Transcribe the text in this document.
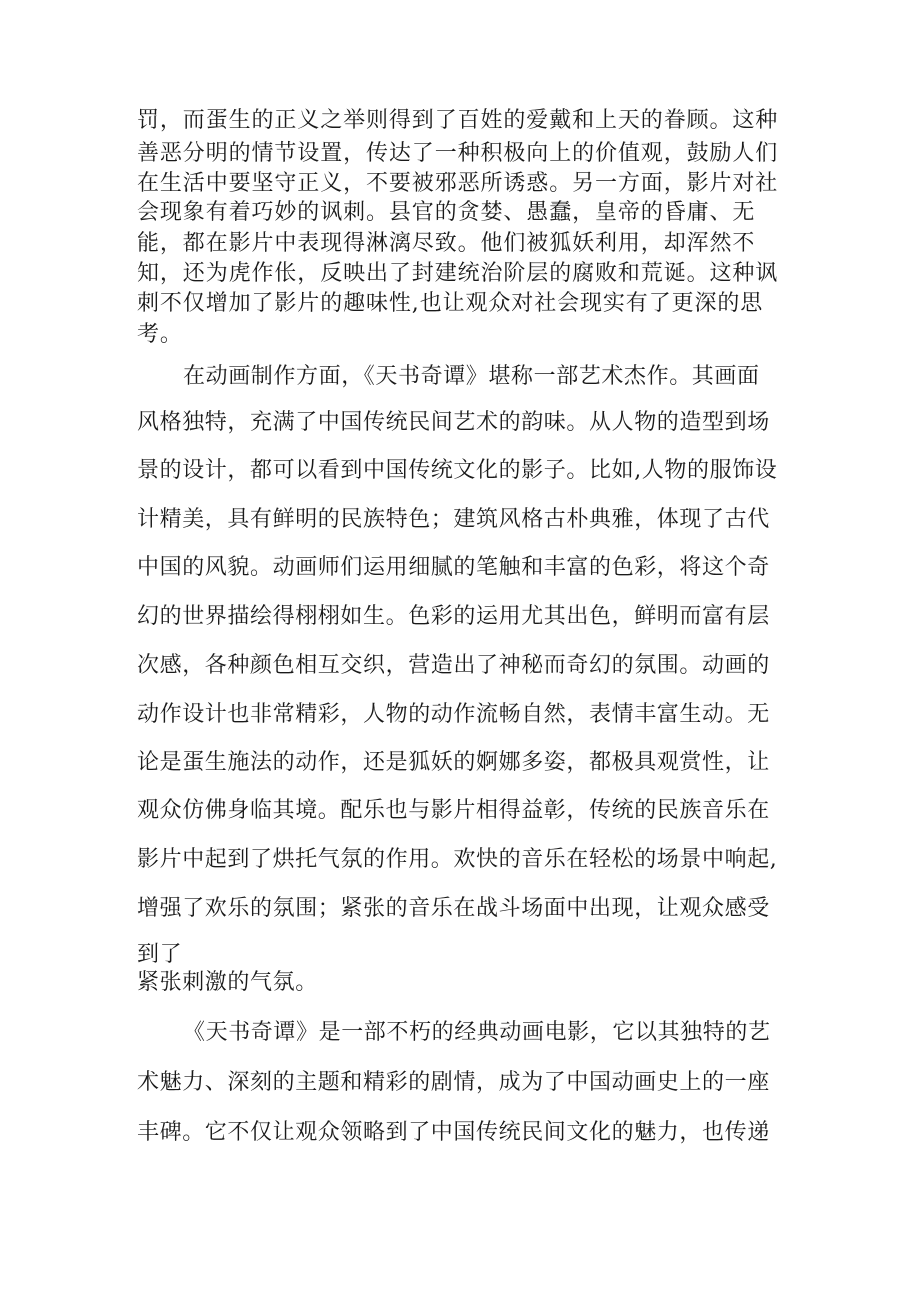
罚，而蛋生的正义之举则得到了百姓的爱戴和上天的眷顾。这种
善恶分明的情节设置，传达了一种积极向上的价值观，鼓励人们
在生活中要坚守正义，不要被邪恶所诱惑。另一方面，影片对社
会现象有着巧妙的讽刺。县官的贪婪、愚蠢，皇帝的昏庸、无
能，都在影片中表现得淋漓尽致。他们被狐妖利用，却浑然不
知，还为虎作伥，反映出了封建统治阶层的腐败和荒诞。这种讽
刺不仅增加了影片的趣味性,也让观众对社会现实有了更深的思
考。
在动画制作方面，《天书奇谭》堪称一部艺术杰作。其画面
风格独特，充满了中国传统民间艺术的韵味。从人物的造型到场
景的设计，都可以看到中国传统文化的影子。比如,人物的服饰设
计精美，具有鲜明的民族特色；建筑风格古朴典雅，体现了古代
中国的风貌。动画师们运用细腻的笔触和丰富的色彩，将这个奇
幻的世界描绘得栩栩如生。色彩的运用尤其出色，鲜明而富有层
次感，各种颜色相互交织，营造出了神秘而奇幻的氛围。动画的
动作设计也非常精彩，人物的动作流畅自然，表情丰富生动。无
论是蛋生施法的动作，还是狐妖的婀娜多姿，都极具观赏性，让
观众仿佛身临其境。配乐也与影片相得益彰，传统的民族音乐在
影片中起到了烘托气氛的作用。欢快的音乐在轻松的场景中响起,
增强了欢乐的氛围；紧张的音乐在战斗场面中出现，让观众感受
到了
紧张刺激的气氛。
《天书奇谭》是一部不朽的经典动画电影，它以其独特的艺
术魅力、深刻的主题和精彩的剧情，成为了中国动画史上的一座
丰碑。它不仅让观众领略到了中国传统民间文化的魅力，也传递
